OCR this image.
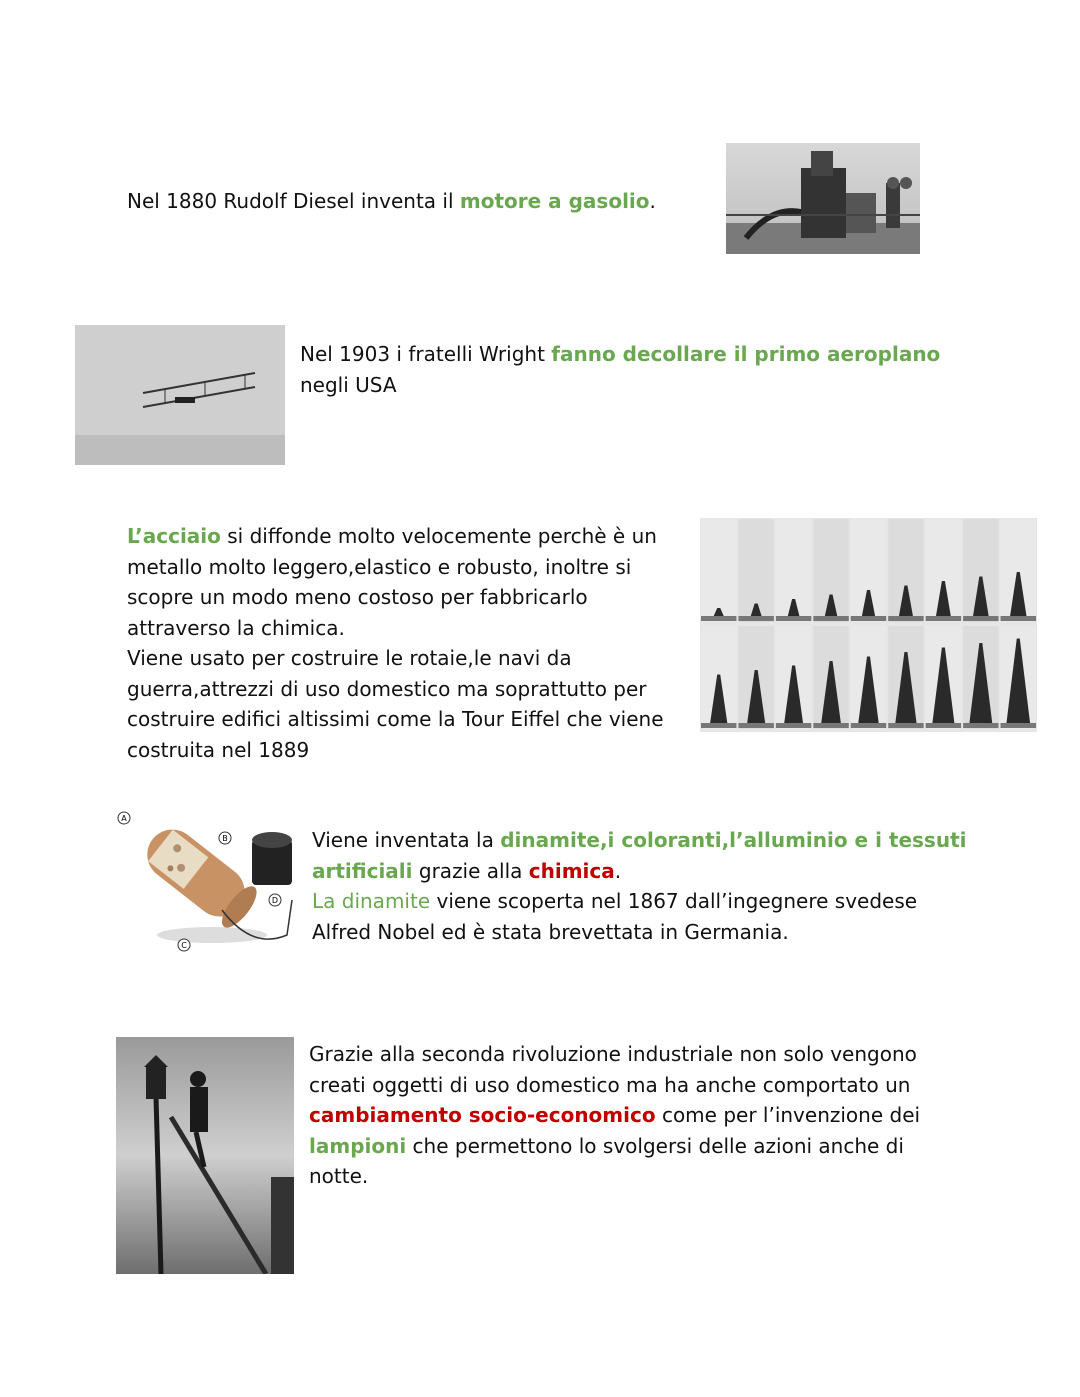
Nel 1880 Rudolf Diesel inventa il motore a gasolio.

Nel 1903 i fratelli Wright fanno decollare il primo aeroplano
negli USA

L’acciaio si diffonde molto velocemente perchè è un
metallo molto leggero,elastico e robusto, inoltre si
scopre un modo meno costoso per fabbricarlo
attraverso la chimica.
Viene usato per costruire le rotaie,le navi da
guerra,attrezzi di uso domestico ma soprattutto per
costruire edifici altissimi come la Tour Eiffel che viene
costruita nel 1889

A
B
C
D

Viene inventata la dinamite,i coloranti,l’alluminio e i tessuti
artificiali grazie alla chimica.
La dinamite viene scoperta nel 1867 dall’ingegnere svedese
Alfred Nobel ed è stata brevettata in Germania.

Grazie alla seconda rivoluzione industriale non solo vengono
creati oggetti di uso domestico ma ha anche comportato un
cambiamento socio-economico come per l’invenzione dei
lampioni che permettono lo svolgersi delle azioni anche di
notte.
